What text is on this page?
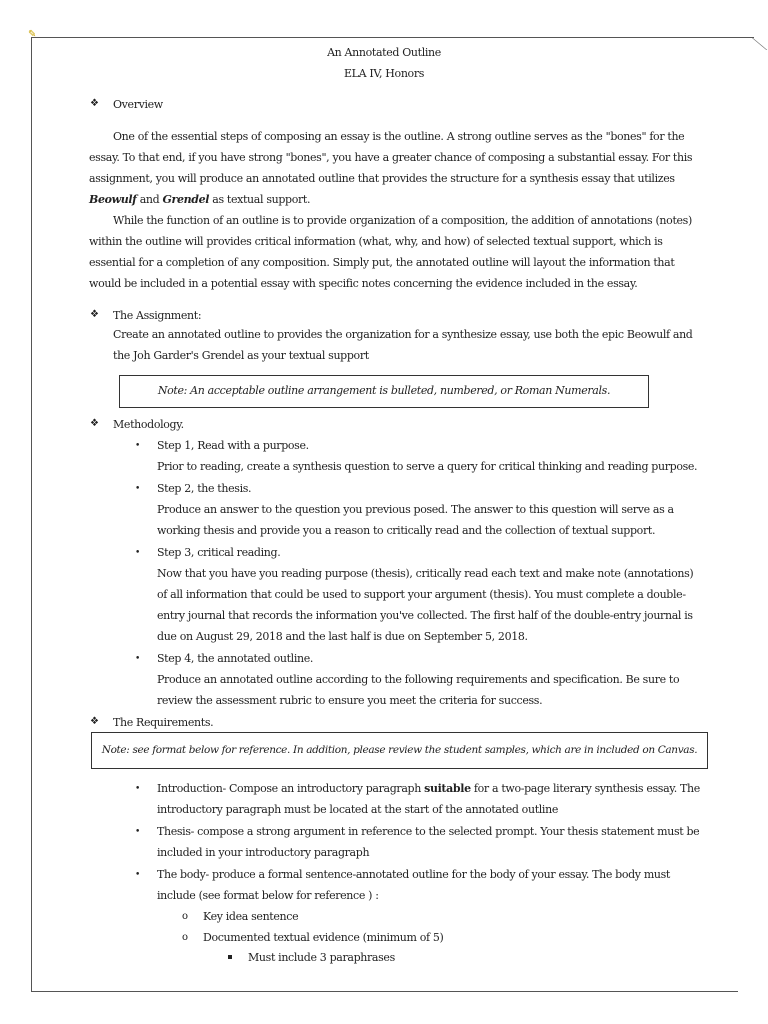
✎
An Annotated Outline
ELA IV, Honors
❖ Overview
One of the essential steps of composing an essay is the outline. A strong outline serves as the "bones" for the
essay. To that end, if you have strong "bones", you have a greater chance of composing a substantial essay. For this
assignment, you will produce an annotated outline that provides the structure for a synthesis essay that utilizes
Beowulf and Grendel as textual support.
While the function of an outline is to provide organization of a composition, the addition of annotations (notes)
within the outline will provides critical information (what, why, and how) of selected textual support, which is
essential for a completion of any composition. Simply put, the annotated outline will layout the information that
would be included in a potential essay with specific notes concerning the evidence included in the essay.
❖ The Assignment:
Create an annotated outline to provides the organization for a synthesize essay, use both the epic Beowulf and
the Joh Garder's Grendel as your textual support
Note: An acceptable outline arrangement is bulleted, numbered, or Roman Numerals.
❖ Methodology.
• Step 1, Read with a purpose.
Prior to reading, create a synthesis question to serve a query for critical thinking and reading purpose.
• Step 2, the thesis.
Produce an answer to the question you previous posed. The answer to this question will serve as a
working thesis and provide you a reason to critically read and the collection of textual support.
• Step 3, critical reading.
Now that you have you reading purpose (thesis), critically read each text and make note (annotations)
of all information that could be used to support your argument (thesis). You must complete a double-
entry journal that records the information you've collected. The first half of the double-entry journal is
due on August 29, 2018 and the last half is due on September 5, 2018.
• Step 4, the annotated outline.
Produce an annotated outline according to the following requirements and specification. Be sure to
review the assessment rubric to ensure you meet the criteria for success.
❖ The Requirements.
Note: see format below for reference. In addition, please review the student samples, which are in included on Canvas.
• Introduction- Compose an introductory paragraph suitable for a two-page literary synthesis essay. The
introductory paragraph must be located at the start of the annotated outline
• Thesis- compose a strong argument in reference to the selected prompt. Your thesis statement must be
included in your introductory paragraph
• The body- produce a formal sentence-annotated outline for the body of your essay. The body must
include (see format below for reference ) :
o Key idea sentence
o Documented textual evidence (minimum of 5)
Must include 3 paraphrases
